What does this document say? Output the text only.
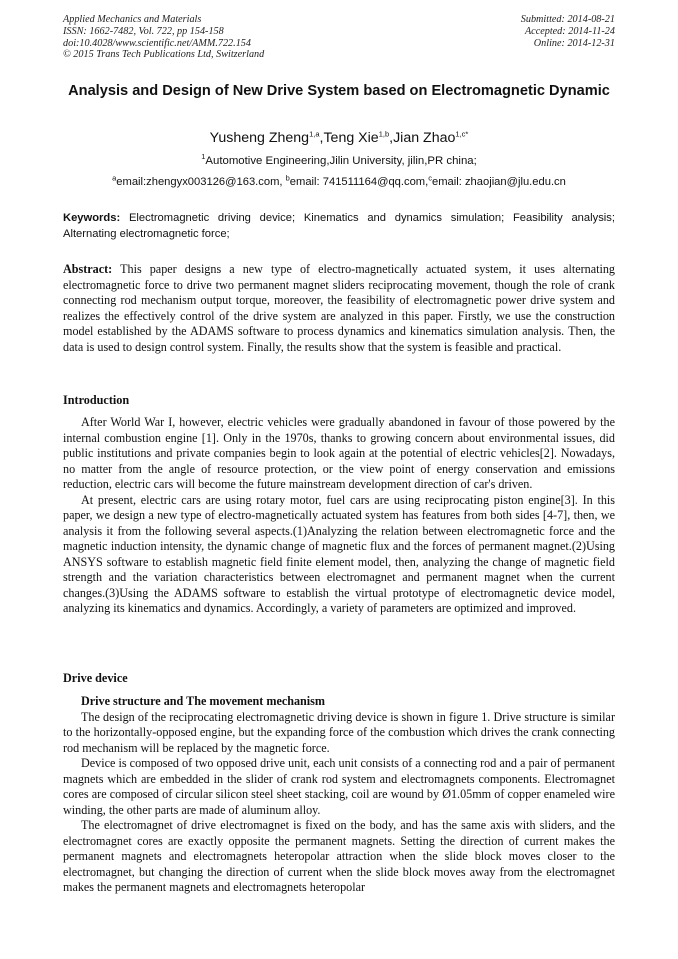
Applied Mechanics and Materials
ISSN: 1662-7482, Vol. 722, pp 154-158
doi:10.4028/www.scientific.net/AMM.722.154
© 2015 Trans Tech Publications Ltd, Switzerland
Submitted: 2014-08-21
Accepted: 2014-11-24
Online: 2014-12-31
Analysis and Design of New Drive System based on Electromagnetic Dynamic
Yusheng Zheng$^{1,a}$,Teng Xie$^{1,b}$,Jian Zhao$^{1,c*}$
$^1$Automotive Engineering,Jilin University, jilin,PR china;
$^a$email:zhengyx003126@163.com, $^b$email: 741511164@qq.com,$^c$email: zhaojian@jlu.edu.cn
Keywords: Electromagnetic driving device; Kinematics and dynamics simulation; Feasibility analysis; Alternating electromagnetic force;
Abstract: This paper designs a new type of electro-magnetically actuated system, it uses alternating electromagnetic force to drive two permanent magnet sliders reciprocating movement, though the role of crank connecting rod mechanism output torque, moreover, the feasibility of electromagnetic power drive system and realizes the effectively control of the drive system are analyzed in this paper. Firstly, we use the construction model established by the ADAMS software to process dynamics and kinematics simulation analysis. Then, the data is used to design control system. Finally, the results show that the system is feasible and practical.
Introduction

After World War I, however, electric vehicles were gradually abandoned in favour of those powered by the internal combustion engine [1]. Only in the 1970s, thanks to growing concern about environmental issues, did public institutions and private companies begin to look again at the potential of electric vehicles[2]. Nowadays, no matter from the angle of resource protection, or the view point of energy conservation and emissions reduction, electric cars will become the future mainstream development direction of car's driven.

At present, electric cars are using rotary motor, fuel cars are using reciprocating piston engine[3]. In this paper, we design a new type of electro-magnetically actuated system has features from both sides [4-7], then, we analysis it from the following several aspects.(1)Analyzing the relation between electromagnetic force and the magnetic induction intensity, the dynamic change of magnetic flux and the forces of permanent magnet.(2)Using ANSYS software to establish magnetic field finite element model, then, analyzing the change of magnetic field strength and the variation characteristics between electromagnet and permanent magnet when the current changes.(3)Using the ADAMS software to establish the virtual prototype of electromagnetic device model, analyzing its kinematics and dynamics. Accordingly, a variety of parameters are optimized and improved.

Drive device

Drive structure and The movement mechanism

The design of the reciprocating electromagnetic driving device is shown in figure 1. Drive structure is similar to the horizontally-opposed engine, but the expanding force of the combustion which drives the crank connecting rod mechanism will be replaced by the magnetic force.

Device is composed of two opposed drive unit, each unit consists of a connecting rod and a pair of permanent magnets which are embedded in the slider of crank rod system and electromagnets components. Electromagnet cores are composed of circular silicon steel sheet stacking, coil are wound by Ø1.05mm of copper enameled wire winding, the other parts are made of aluminum alloy.

The electromagnet of drive electromagnet is fixed on the body, and has the same axis with sliders, and the electromagnet cores are exactly opposite the permanent magnets. Setting the direction of current makes the permanent magnets and electromagnets heteropolar attraction when the slide block moves closer to the electromagnet, but changing the direction of current when the slide block moves away from the electromagnet makes the permanent magnets and electromagnets heteropolar
